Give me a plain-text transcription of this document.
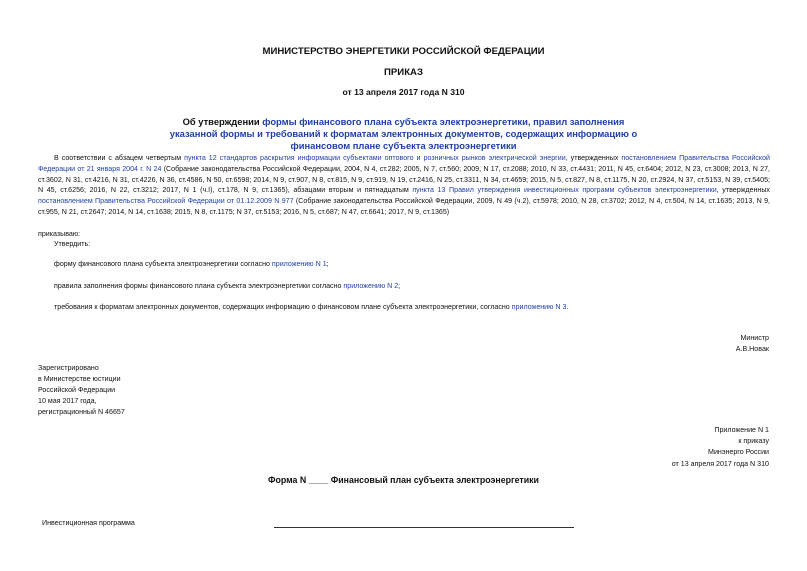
МИНИСТЕРСТВО ЭНЕРГЕТИКИ РОССИЙСКОЙ ФЕДЕРАЦИИ
ПРИКАЗ
от 13 апреля 2017 года N 310
Об утверждении формы финансового плана субъекта электроэнергетики, правил заполнения указанной формы и требований к форматам электронных документов, содержащих информацию о финансовом плане субъекта электроэнергетики
В соответствии с абзацем четвертым пункта 12 стандартов раскрытия информации субъектами оптового и розничных рынков электрической энергии, утвержденных постановлением Правительства Российской Федерации от 21 января 2004 г. N 24 (Собрание законодательства Российской Федерации, 2004, N 4, ст.282; 2005, N 7, ст.560; 2009, N 17, ст.2088; 2010, N 33, ст.4431; 2011, N 45, ст.6404; 2012, N 23, ст.3008; 2013, N 27, ст.3602, N 31, ст.4216, N 31, ст.4226, N 36, ст.4586, N 50, ст.6598; 2014, N 9, ст.907, N 8, ст.815, N 9, ст.919, N 19, ст.2416, N 25, ст.3311, N 34, ст.4659; 2015, N 5, ст.827, N 8, ст.1175, N 20, ст.2924, N 37, ст.5153, N 39, ст.5405; N 45, ст.6256; 2016, N 22, ст.3212; 2017, N 1 (ч.I), ст.178, N 9, ст.1365), абзацами вторым и пятнадцатым пункта 13 Правил утверждения инвестиционных программ субъектов электроэнергетики, утвержденных постановлением Правительства Российской Федерации от 01.12.2009 N 977 (Собрание законодательства Российской Федерации, 2009, N 49 (ч.2), ст.5978; 2010, N 28, ст.3702; 2012, N 4, ст.504, N 14, ст.1635; 2013, N 9, ст.955, N 21, ст.2647; 2014, N 14, ст.1638; 2015, N 8, ст.1175; N 37, ст.5153; 2016, N 5, ст.687; N 47, ст.6641; 2017, N 9, ст.1365)
приказываю:
Утвердить:
форму финансового плана субъекта электроэнергетики согласно приложению N 1;
правила заполнения формы финансового плана субъекта электроэнергетики согласно приложению N 2;
требования к форматам электронных документов, содержащих информацию о финансовом плане субъекта электроэнергетики, согласно приложению N 3.
Министр
А.В.Новак
Зарегистрировано
в Министерстве юстиции
Российской Федерации
10 мая 2017 года,
регистрационный N 46657
Приложение N 1
к приказу
Минэнерго России
от 13 апреля 2017 года N 310
Форма N ____ Финансовый план субъекта электроэнергетики
Инвестиционная программа
